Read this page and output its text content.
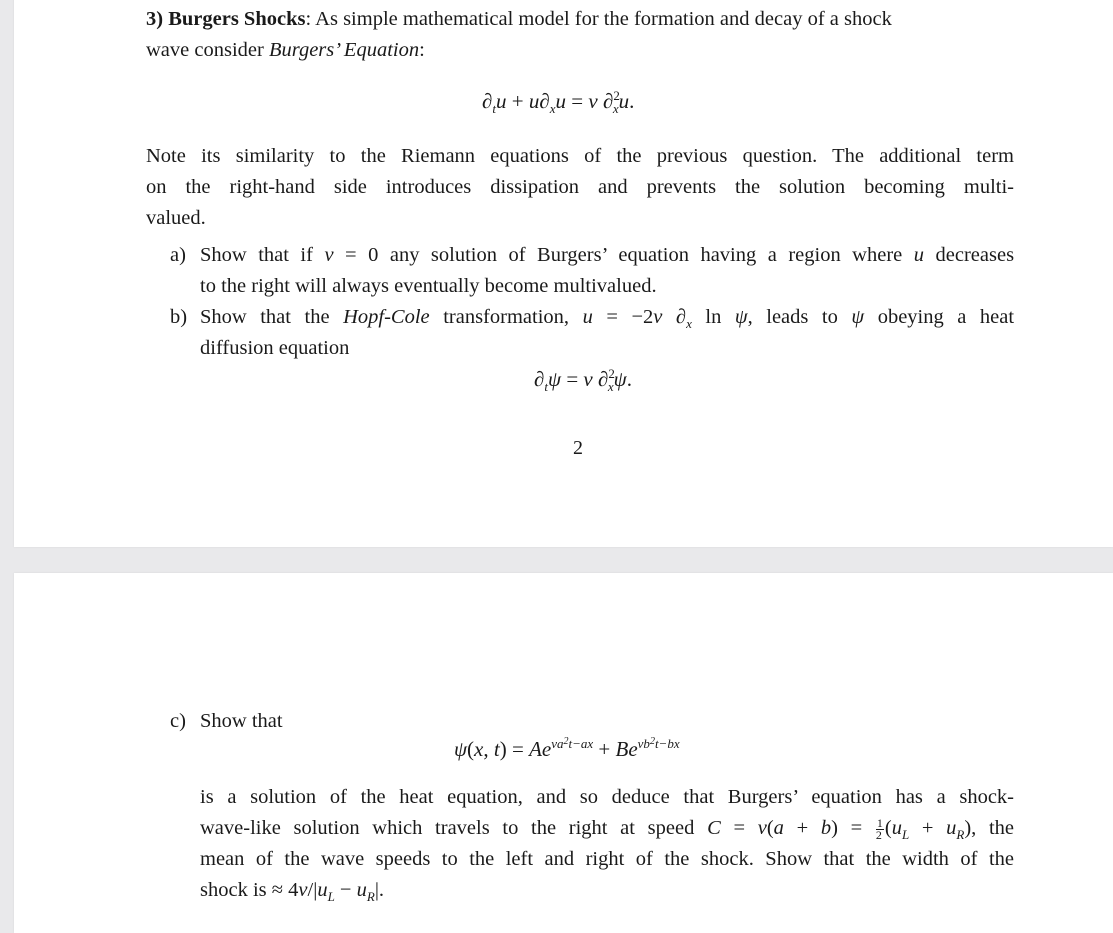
3) Burgers Shocks: As simple mathematical model for the formation and decay of a shock
wave consider Burgers’ Equation:
$\partial_tu + u\partial_xu = \nu$ ∂$^2_x$u.
Note its similarity to the Riemann equations of the previous question. The additional term
on the right-hand side introduces dissipation and prevents the solution becoming multi-
valued.
a) Show that if ν = 0 any solution of Burgers’ equation having a region where u decreases
to the right will always eventually become multivalued.
b) Show that the Hopf-Cole transformation, u = −2ν $\partial_x$ ln ψ, leads to ψ obeying a heat
diffusion equation
$\partial_t\psi = \nu$ ∂$^2_x$ψ.
2
c) Show that
ψ(x, $t) = Ae^{\nu a^2t-ax} + Be^{\nu b^2t-bx}$
is a solution of the heat equation, and so deduce that Burgers’ equation has a shock-
wave-like solution which travels to the right at speed $C = \nu(a + b) = \frac{1}{2} (u_L + u_R)$, the
mean of the wave speeds to the left and right of the shock. Show that the width of the
shock is ≈ $4\nu/|u_L - u_R|$.
